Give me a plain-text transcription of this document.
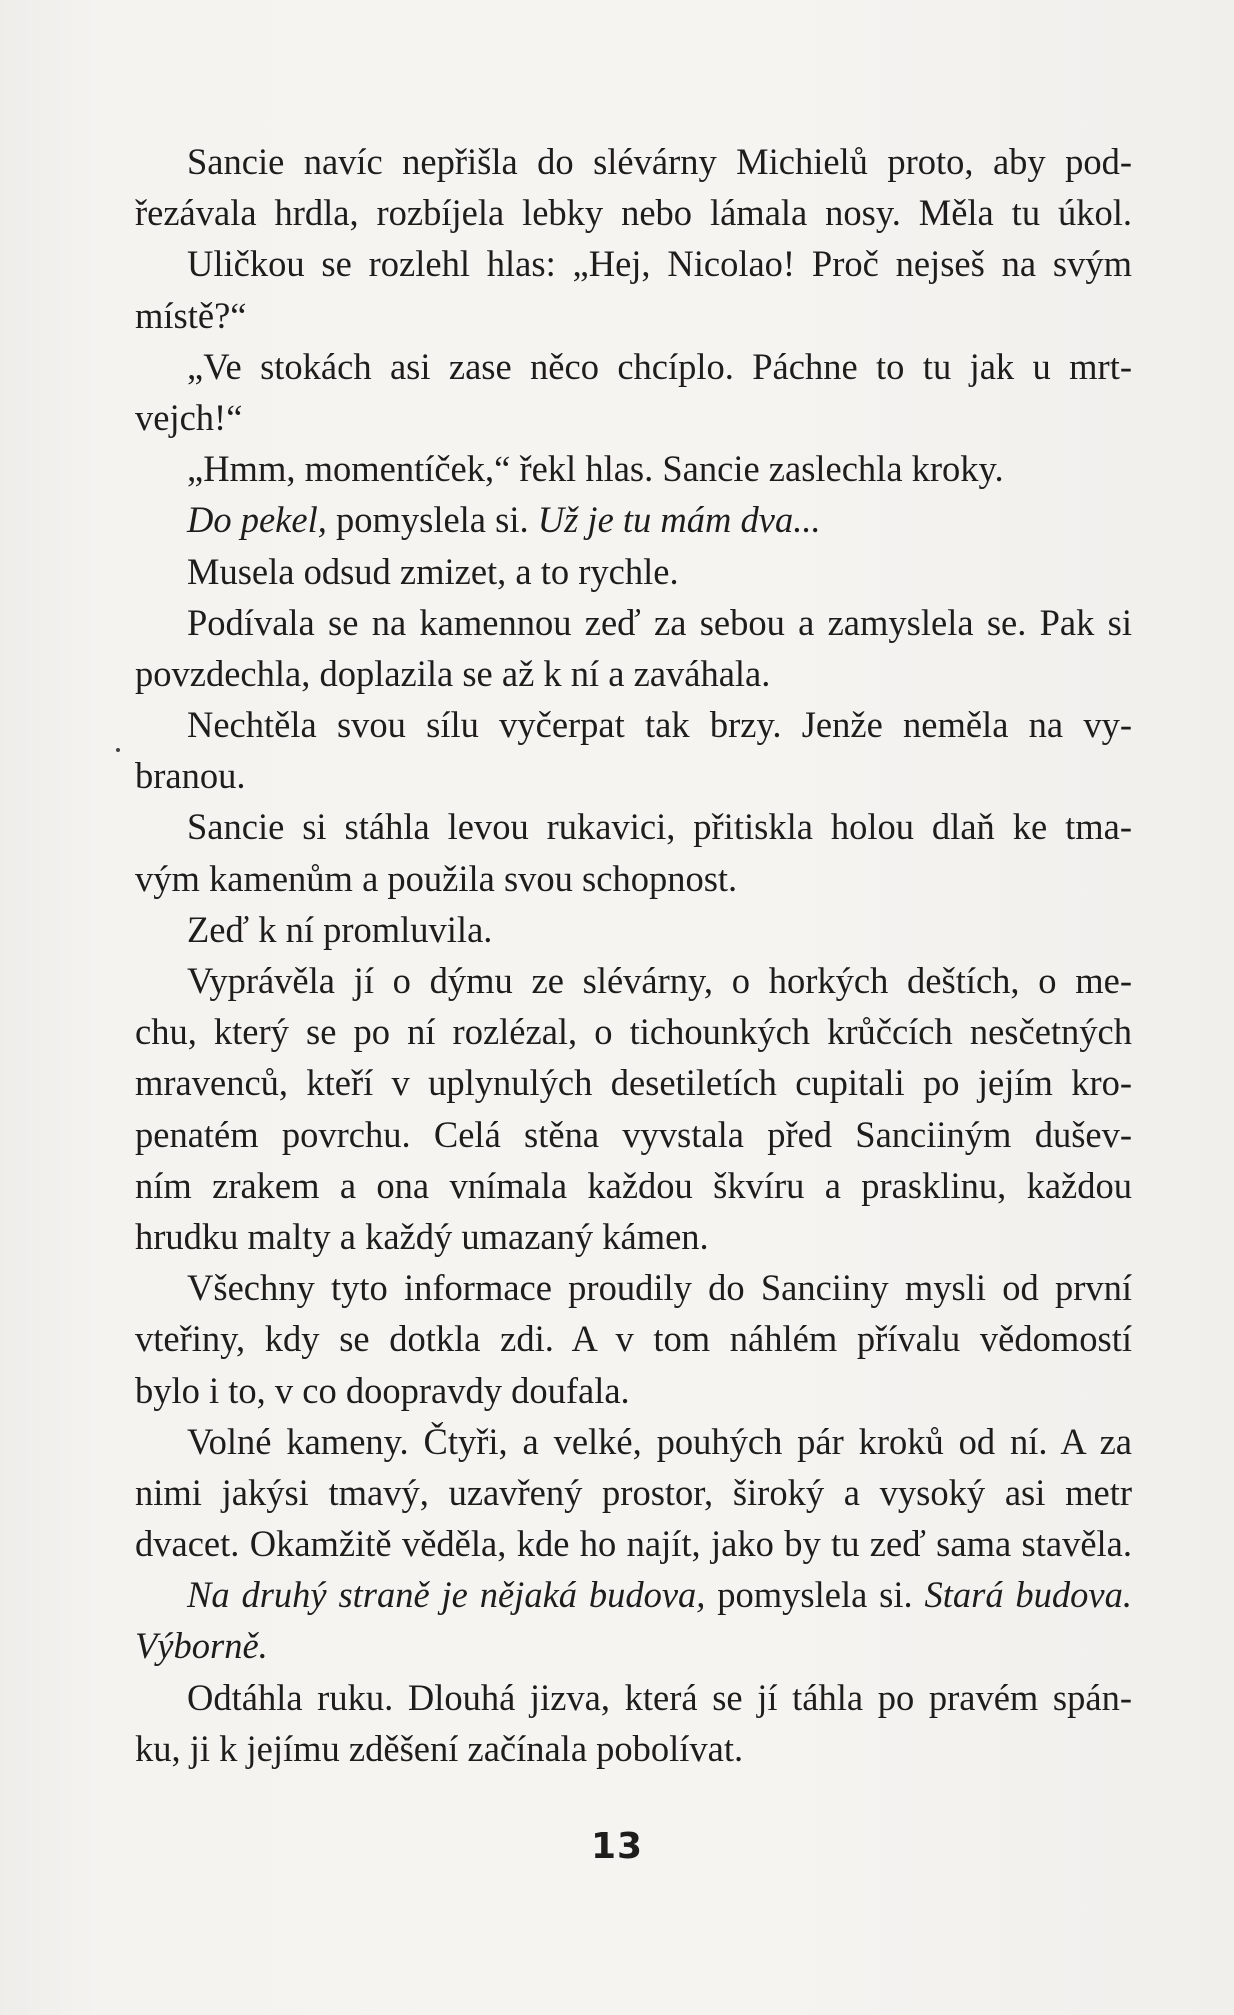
Sancie navíc nepřišla do slévárny Michielů proto, aby pod-
řezávala hrdla, rozbíjela lebky nebo lámala nosy. Měla tu úkol.
Uličkou se rozlehl hlas: „Hej, Nicolao! Proč nejseš na svým
místě?“
„Ve stokách asi zase něco chcíplo. Páchne to tu jak u mrt-
vejch!“
„Hmm, momentíček,“ řekl hlas. Sancie zaslechla kroky.
Do pekel, pomyslela si. Už je tu mám dva...
Musela odsud zmizet, a to rychle.
Podívala se na kamennou zeď za sebou a zamyslela se. Pak si
povzdechla, doplazila se až k ní a zaváhala.
Nechtěla svou sílu vyčerpat tak brzy. Jenže neměla na vy-
branou.
Sancie si stáhla levou rukavici, přitiskla holou dlaň ke tma-
vým kamenům a použila svou schopnost.
Zeď k ní promluvila.
Vyprávěla jí o dýmu ze slévárny, o horkých deštích, o me-
chu, který se po ní rozlézal, o tichounkých krůčcích nesčetných
mravenců, kteří v uplynulých desetiletích cupitali po jejím kro-
penatém povrchu. Celá stěna vyvstala před Sanciiným dušev-
ním zrakem a ona vnímala každou škvíru a prasklinu, každou
hrudku malty a každý umazaný kámen.
Všechny tyto informace proudily do Sanciiny mysli od první
vteřiny, kdy se dotkla zdi. A v tom náhlém přívalu vědomostí
bylo i to, v co doopravdy doufala.
Volné kameny. Čtyři, a velké, pouhých pár kroků od ní. A za
nimi jakýsi tmavý, uzavřený prostor, široký a vysoký asi metr
dvacet. Okamžitě věděla, kde ho najít, jako by tu zeď sama stavěla.
Na druhý straně je nějaká budova, pomyslela si. Stará budova.
Výborně.
Odtáhla ruku. Dlouhá jizva, která se jí táhla po pravém spán-
ku, ji k jejímu zděšení začínala pobolívat.
13
